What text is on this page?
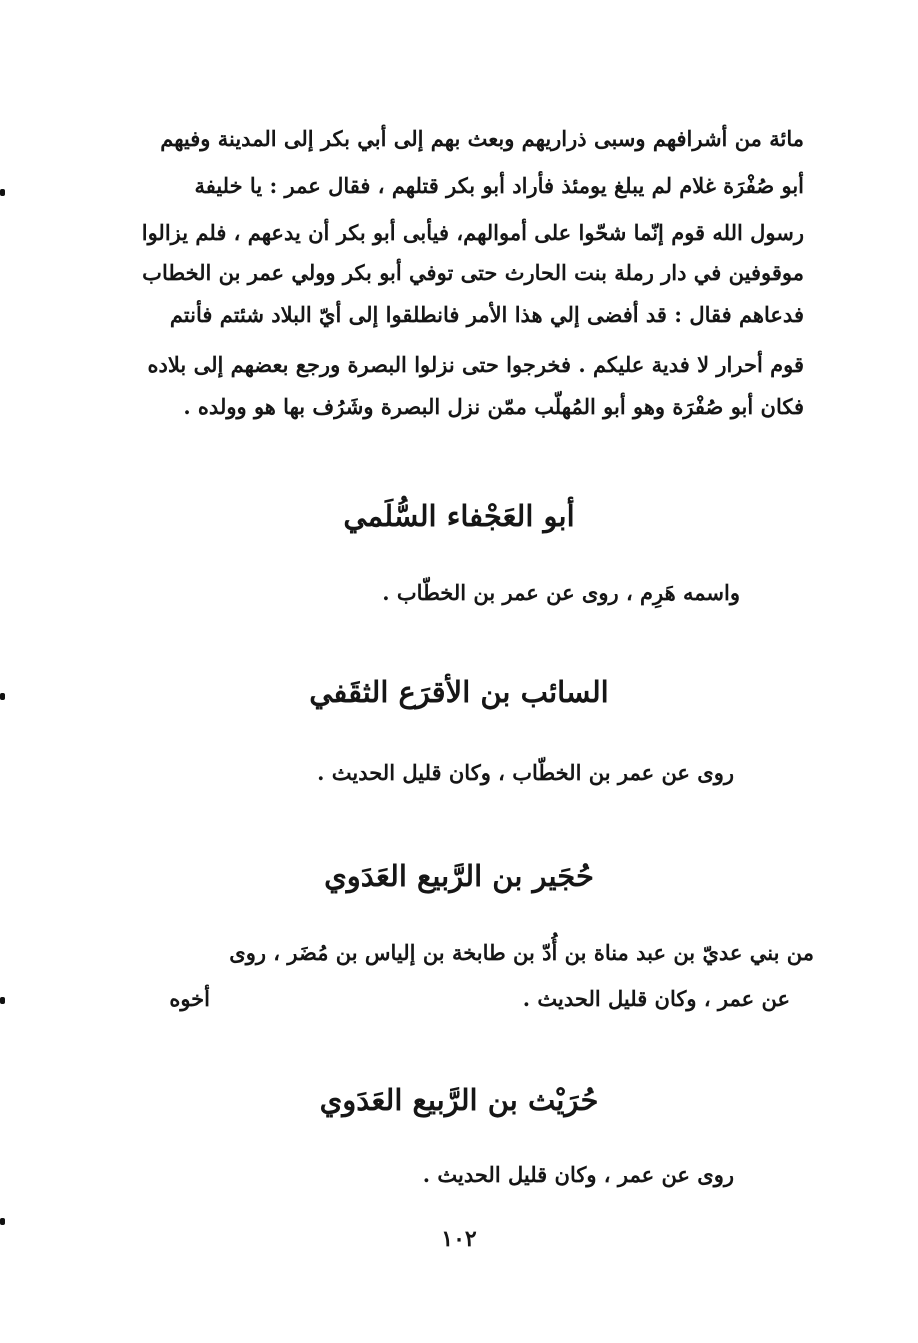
مائة من أشرافهم وسبى ذراريهم وبعث بهم إلى أبي بكر إلى المدينة وفيهم
أبو صُفْرَة غلام لم يبلغ يومئذ فأراد أبو بكر قتلهم ، فقال عمر : يا خليفة
رسول الله قوم إنّما شحّوا على أموالهم، فيأبى أبو بكر أن يدعهم ، فلم يزالوا
موقوفين في دار رملة بنت الحارث حتى توفي أبو بكر وولي عمر بن الخطاب
فدعاهم فقال : قد أفضى إلي هذا الأمر فانطلقوا إلى أيّ البلاد شئتم فأنتم
قوم أحرار لا فدية عليكم . فخرجوا حتى نزلوا البصرة ورجع بعضهم إلى بلاده
فكان أبو صُفْرَة وهو أبو المُهلّب ممّن نزل البصرة وشَرُف بها هو وولده .
أبو العَجْفاء السُّلَمي
واسمه هَرِم ، روى عن عمر بن الخطّاب .
السائب بن الأقرَع الثقَفي
روى عن عمر بن الخطّاب ، وكان قليل الحديث .
حُجَير بن الرَّبيع العَدَوي
من بني عديّ بن عبد مناة بن أُدّ بن طابخة بن إلياس بن مُضَر ، روى
عن عمر ، وكان قليل الحديث .
أخوه
حُرَيْث بن الرَّبيع العَدَوي
روى عن عمر ، وكان قليل الحديث .
١٠٢
